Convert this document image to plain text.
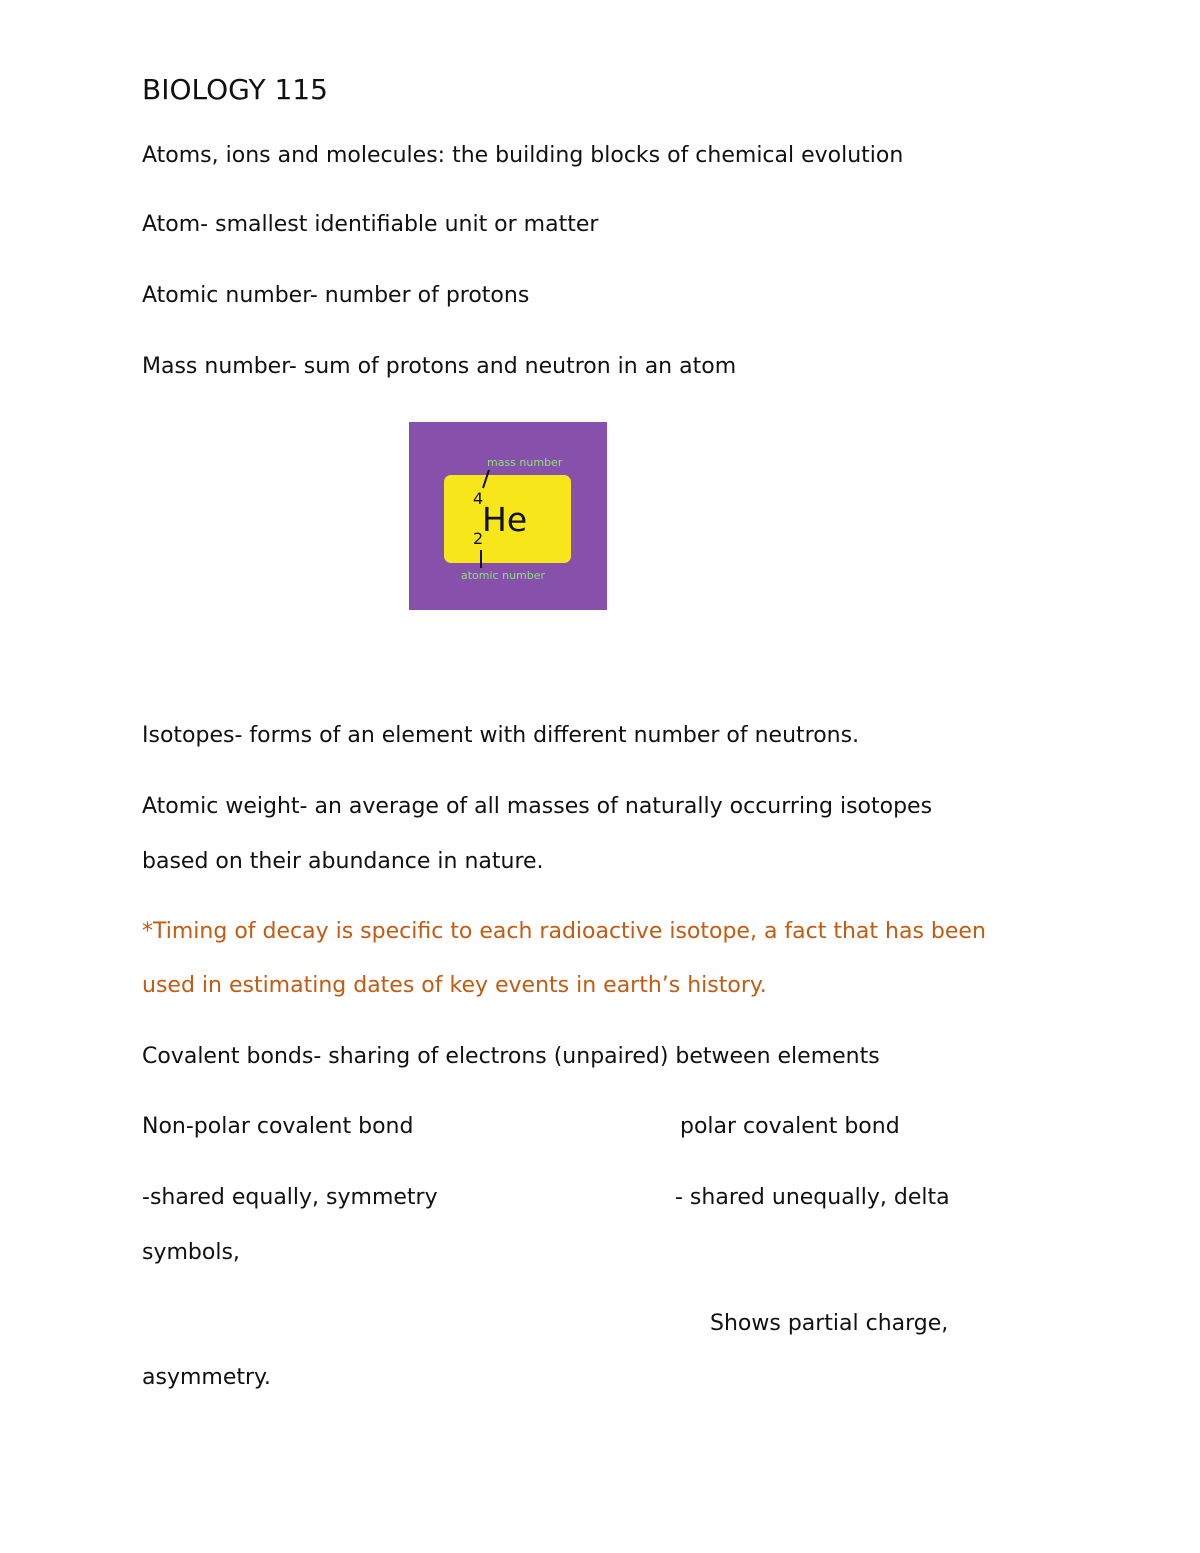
BIOLOGY 115
Atoms, ions and molecules: the building blocks of chemical evolution
Atom- smallest identifiable unit or matter
Atomic number- number of protons
Mass number- sum of protons and neutron in an atom
mass number
4
He
2
atomic number
Isotopes- forms of an element with different number of neutrons.
Atomic weight- an average of all masses of naturally occurring isotopes
based on their abundance in nature.
*Timing of decay is specific to each radioactive isotope, a fact that has been
used in estimating dates of key events in earth’s history.
Covalent bonds- sharing of electrons (unpaired) between elements
Non-polar covalent bond	polar covalent bond
-shared equally, symmetry	- shared unequally, delta
symbols,
Shows partial charge,
asymmetry.
